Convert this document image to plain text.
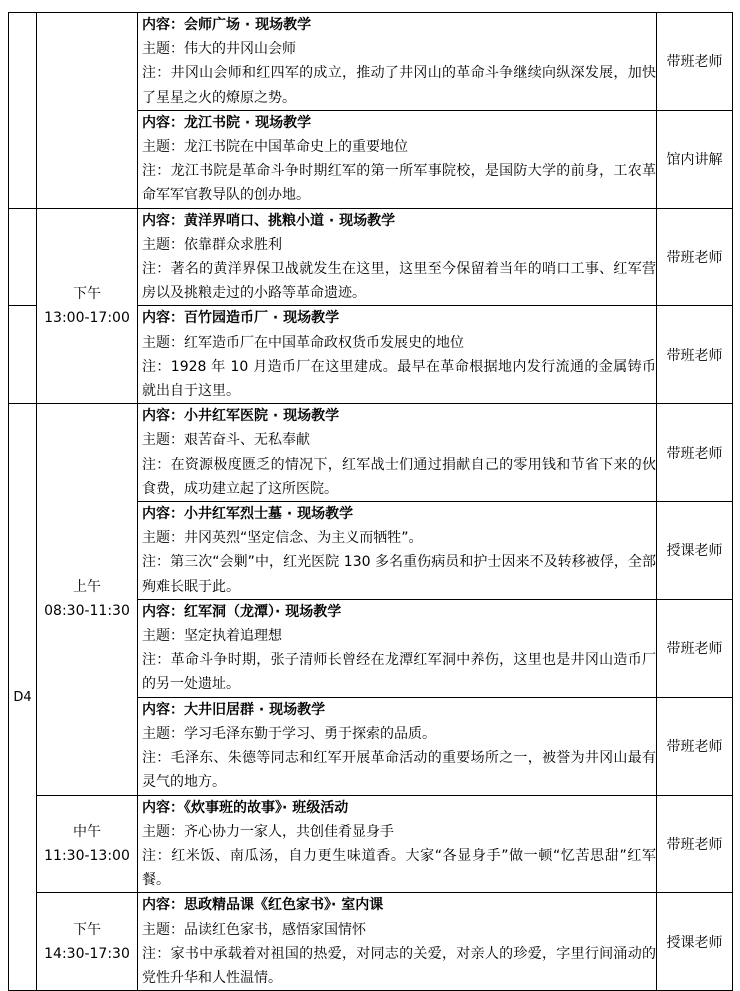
		内容：会师广场 · 现场教学
主题：伟大的井冈山会师
注：井冈山会师和红四军的成立，推动了井冈山的革命斗争继续向纵深发展，加快了星星之火的燎原之势。	带班老师

		内容：龙江书院 · 现场教学
主题：龙江书院在中国革命史上的重要地位
注：龙江书院是革命斗争时期红军的第一所军事院校，是国防大学的前身，工农革命军军官教导队的创办地。	馆内讲解

	下午
13:00-17:00	内容：黄洋界哨口、挑粮小道 · 现场教学
主题：依靠群众求胜利
注：著名的黄洋界保卫战就发生在这里，这里至今保留着当年的哨口工事、红军营房以及挑粮走过的小路等革命遗迹。	带班老师

		内容：百竹园造币厂 · 现场教学
主题：红军造币厂在中国革命政权货币发展史的地位
注：1928 年 10 月造币厂在这里建成。最早在革命根据地内发行流通的金属铸币就出自于这里。	带班老师
D4	上午
08:30-11:30	内容：小井红军医院 · 现场教学
主题：艰苦奋斗、无私奉献
注：在资源极度匮乏的情况下，红军战士们通过捐献自己的零用钱和节省下来的伙食费，成功建立起了这所医院。	带班老师

		内容：小井红军烈士墓 · 现场教学
主题：井冈英烈“坚定信念、为主义而牺牲”。
注：第三次“会剿”中，红光医院 130 多名重伤病员和护士因来不及转移被俘，全部殉难长眠于此。	授课老师

		内容：红军洞（龙潭）· 现场教学
主题：坚定执着追理想
注：革命斗争时期，张子清师长曾经在龙潭红军洞中养伤，这里也是井冈山造币厂的另一处遗址。	带班老师

		内容：大井旧居群 · 现场教学
主题：学习毛泽东勤于学习、勇于探索的品质。
注：毛泽东、朱德等同志和红军开展革命活动的重要场所之一，被誉为井冈山最有灵气的地方。	带班老师

	中午
11:30-13:00	内容：《炊事班的故事》· 班级活动
主题：齐心协力一家人，共创佳肴显身手
注：红米饭、南瓜汤，自力更生味道香。大家“各显身手”做一顿“忆苦思甜”红军餐。	带班老师

	下午
14:30-17:30	内容：思政精品课《红色家书》· 室内课
主题：品读红色家书，感悟家国情怀
注：家书中承载着对祖国的热爱，对同志的关爱，对亲人的珍爱，字里行间涌动的党性升华和人性温情。	授课老师
